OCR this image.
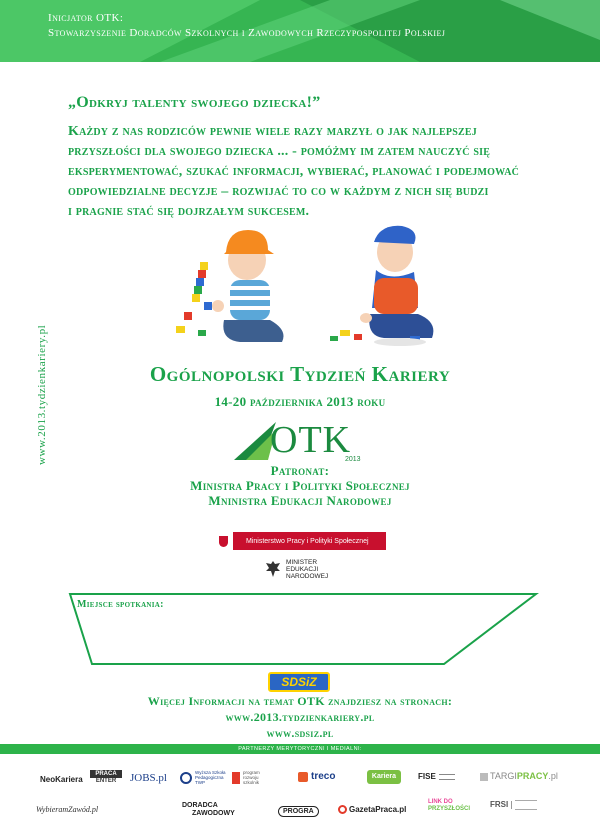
Inicjator OTK:
Stowarzyszenie Doradców Szkolnych i Zawodowych Rzeczypospolitej Polskiej
www.2013.tydzienkariery.pl
„Odkryj talenty swojego dziecka!”
Każdy z nas rodziców pewnie wiele razy marzył o jak najlepszej
przyszłości dla swojego dziecka ... - pomóżmy im zatem nauczyć się
eksperymentować, szukać informacji, wybierać, planować i podejmować
odpowiedzialne decyzje – rozwijać to co w każdym z nich się budzi
i pragnie stać się dojrzałym sukcesem.
Ogólnopolski Tydzień Kariery
14-20 października 2013 roku
OTK
2013
Patronat:
Ministra Pracy i Polityki Społecznej
Mninistra Edukacji Narodowej
Ministerstwo Pracy i Polityki Społecznej
MINISTER
EDUKACJI
NARODOWEJ
Miejsce spotkania:
SDSiZ
Więcej Informacji na temat OTK znajdziesz na stronach:
www.2013.tydzienkariery.pl
www.sdsiz.pl
PARTNERZY MERYTORYCZNI I MEDIALNI:
NeoKariera
PRACA
ENTER	JOBS.pl	Wyższa Szkoła Pedagogiczna TWP
program rozwoju szkolnik
treco	Kariera	FISE	TARGI PRACY .pl
WybieramZawód.pl	DORADCA
ZAWODOWY	PROGRA	GazetaPraca.pl
LINK DO
PRZYSZŁOŚCI FRSI
